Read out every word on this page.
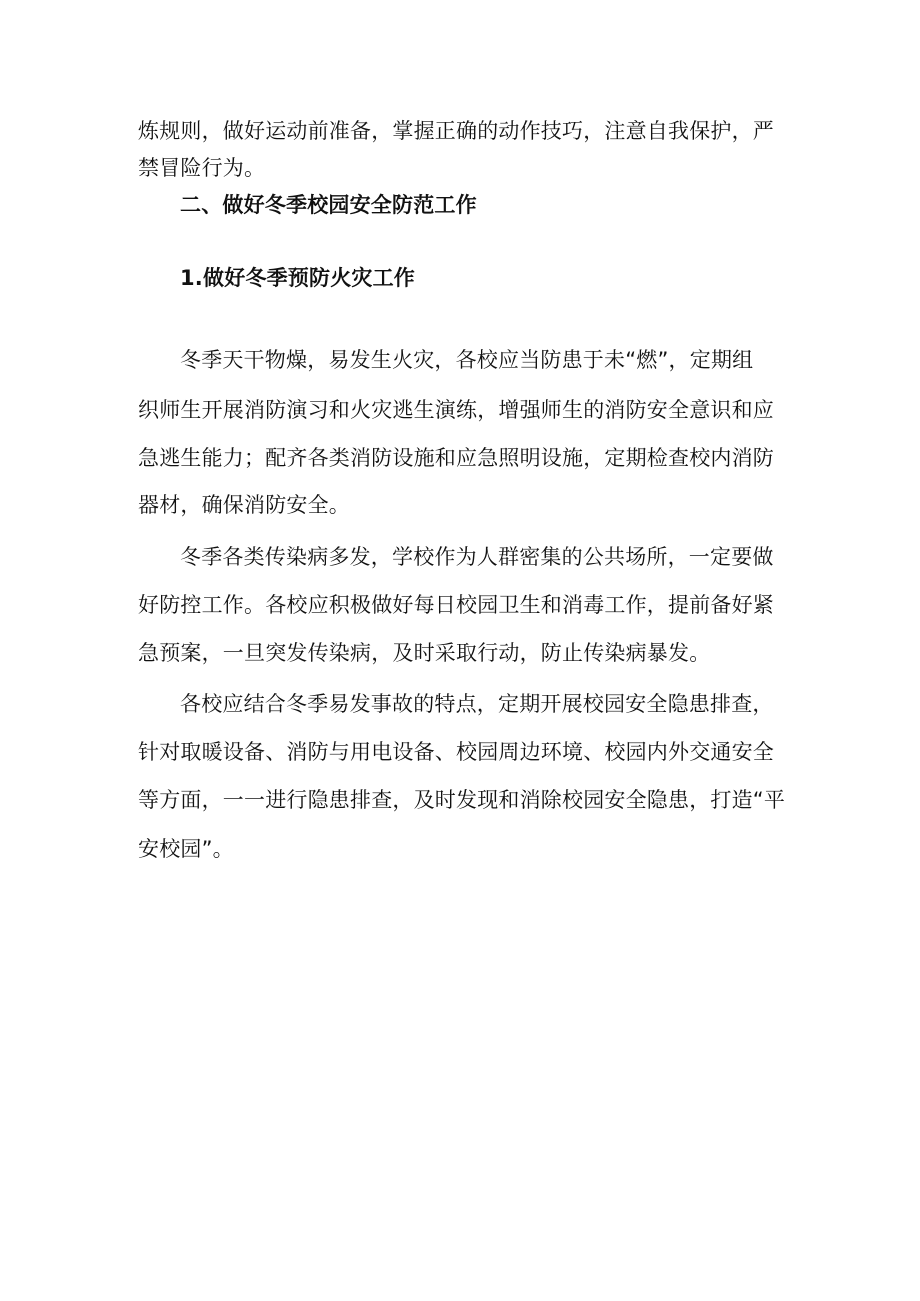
炼规则，做好运动前准备，掌握正确的动作技巧，注意自我保护，严
禁冒险行为。
二、做好冬季校园安全防范工作
1.做好冬季预防火灾工作
冬季天干物燥，易发生火灾，各校应当防患于未“燃”，定期组
织师生开展消防演习和火灾逃生演练，增强师生的消防安全意识和应
急逃生能力；配齐各类消防设施和应急照明设施，定期检查校内消防
器材，确保消防安全。
冬季各类传染病多发，学校作为人群密集的公共场所，一定要做
好防控工作。各校应积极做好每日校园卫生和消毒工作，提前备好紧
急预案，一旦突发传染病，及时采取行动，防止传染病暴发。
各校应结合冬季易发事故的特点，定期开展校园安全隐患排查，
针对取暖设备、消防与用电设备、校园周边环境、校园内外交通安全
等方面，一一进行隐患排查，及时发现和消除校园安全隐患，打造“平
安校园”。
